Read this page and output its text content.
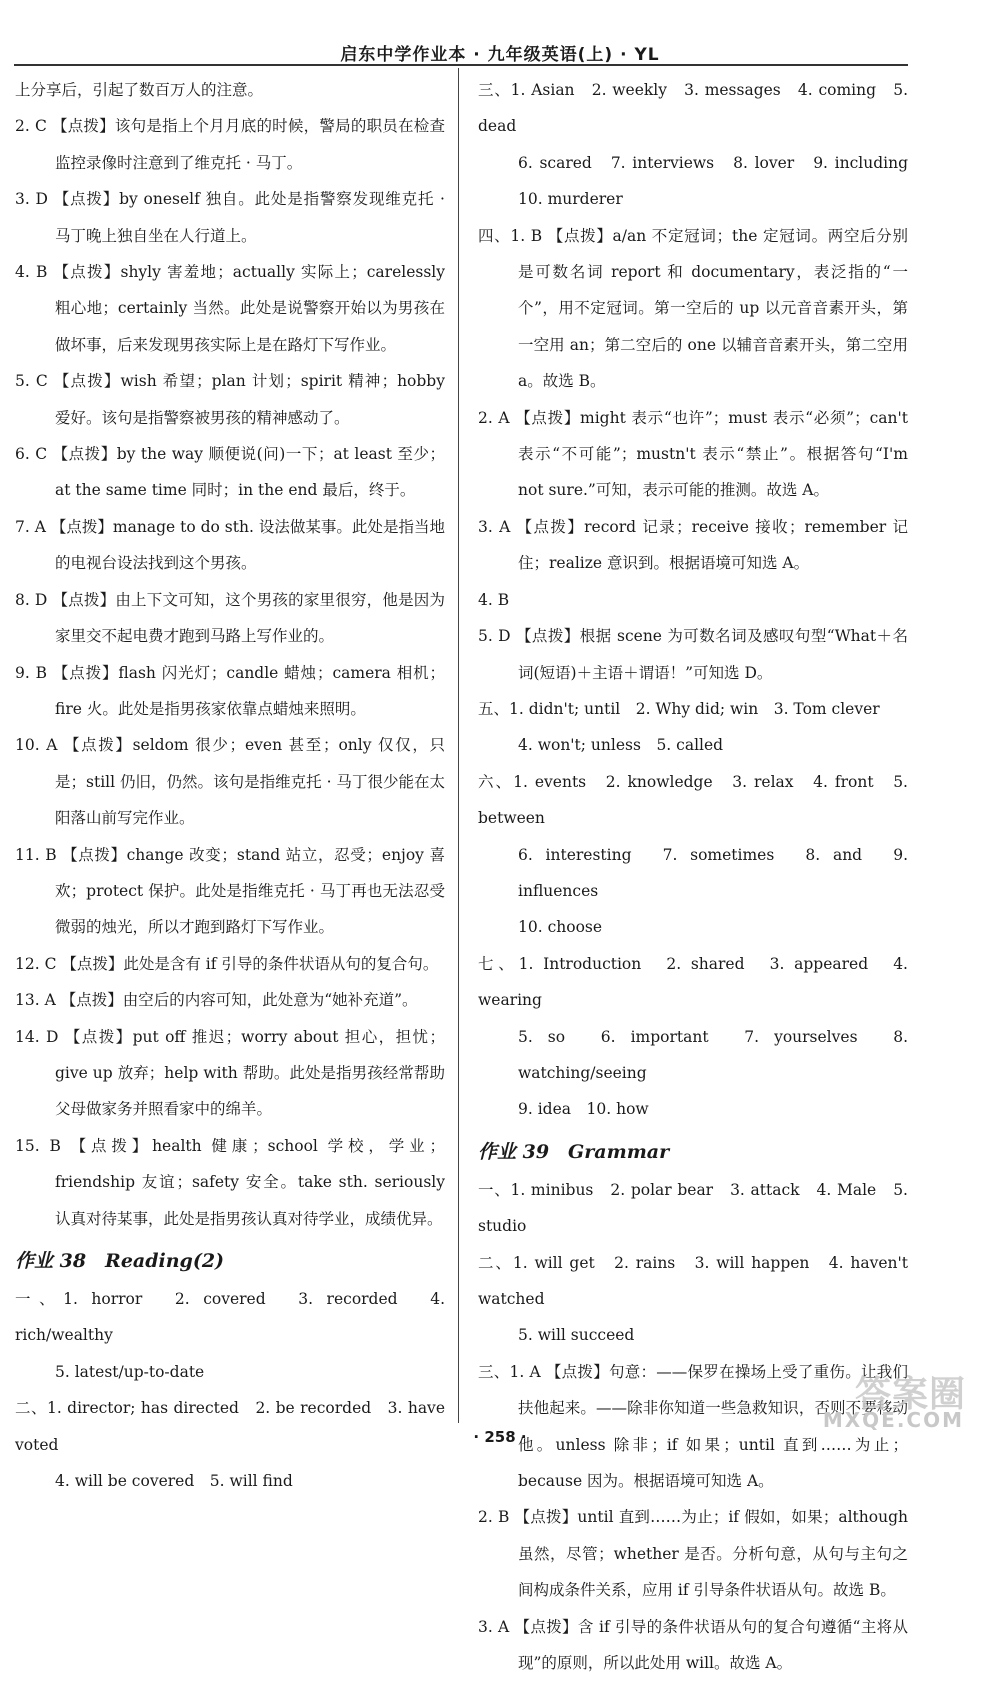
启东中学作业本 · 九年级英语(上) · YL
上分享后，引起了数百万人的注意。
2. C 【点拨】该句是指上个月月底的时候，警局的职员在检查监控录像时注意到了维克托 · 马丁。
3. D 【点拨】by oneself 独自。此处是指警察发现维克托 · 马丁晚上独自坐在人行道上。
4. B 【点拨】shyly 害羞地；actually 实际上；carelessly 粗心地；certainly 当然。此处是说警察开始以为男孩在做坏事，后来发现男孩实际上是在路灯下写作业。
5. C 【点拨】wish 希望；plan 计划；spirit 精神；hobby 爱好。该句是指警察被男孩的精神感动了。
6. C 【点拨】by the way 顺便说(问)一下；at least 至少；at the same time 同时；in the end 最后，终于。
7. A 【点拨】manage to do sth. 设法做某事。此处是指当地的电视台设法找到这个男孩。
8. D 【点拨】由上下文可知，这个男孩的家里很穷，他是因为家里交不起电费才跑到马路上写作业的。
9. B 【点拨】flash 闪光灯；candle 蜡烛；camera 相机；fire 火。此处是指男孩家依靠点蜡烛来照明。
10. A 【点拨】seldom 很少；even 甚至；only 仅仅，只是；still 仍旧，仍然。该句是指维克托 · 马丁很少能在太阳落山前写完作业。
11. B 【点拨】change 改变；stand 站立，忍受；enjoy 喜欢；protect 保护。此处是指维克托 · 马丁再也无法忍受微弱的烛光，所以才跑到路灯下写作业。
12. C 【点拨】此处是含有 if 引导的条件状语从句的复合句。
13. A 【点拨】由空后的内容可知，此处意为“她补充道”。
14. D 【点拨】put off 推迟；worry about 担心，担忧；give up 放弃；help with 帮助。此处是指男孩经常帮助父母做家务并照看家中的绵羊。
15. B 【点拨】health 健康；school 学校，学业；friendship 友谊；safety 安全。take sth. seriously 认真对待某事，此处是指男孩认真对待学业，成绩优异。
作业 38　Reading(2)
一、1. horror　2. covered　3. recorded　4. rich/wealthy
5. latest/up-to-date
二、1. director; has directed　2. be recorded　3. have voted
4. will be covered　5. will find
三、1. Asian　2. weekly　3. messages　4. coming　5. dead
6. scared　7. interviews　8. lover　9. including　10. murderer
四、1. B 【点拨】a/an 不定冠词；the 定冠词。两空后分别是可数名词 report 和 documentary，表泛指的“一个”，用不定冠词。第一空后的 up 以元音音素开头，第一空用 an；第二空后的 one 以辅音音素开头，第二空用 a。故选 B。
2. A 【点拨】might 表示“也许”；must 表示“必须”；can't 表示“不可能”；mustn't 表示“禁止”。根据答句“I'm not sure.”可知，表示可能的推测。故选 A。
3. A 【点拨】record 记录；receive 接收；remember 记住；realize 意识到。根据语境可知选 A。
4. B
5. D 【点拨】根据 scene 为可数名词及感叹句型“What＋名词(短语)＋主语＋谓语！”可知选 D。
五、1. didn't; until　2. Why did; win　3. Tom clever
4. won't; unless　5. called
六、1. events　2. knowledge　3. relax　4. front　5. between
6. interesting　7. sometimes　8. and　9. influences
10. choose
七、1. Introduction　2. shared　3. appeared　4. wearing
5. so　6. important　7. yourselves　8. watching/seeing
9. idea　10. how
作业 39　Grammar
一、1. minibus　2. polar bear　3. attack　4. Male　5. studio
二、1. will get　2. rains　3. will happen　4. haven't watched
5. will succeed
三、1. A 【点拨】句意：——保罗在操场上受了重伤。让我们扶他起来。——除非你知道一些急救知识，否则不要移动他。unless 除非；if 如果；until 直到……为止；because 因为。根据语境可知选 A。
2. B 【点拨】until 直到……为止；if 假如，如果；although 虽然，尽管；whether 是否。分析句意，从句与主句之间构成条件关系，应用 if 引导条件状语从句。故选 B。
3. A 【点拨】含 if 引导的条件状语从句的复合句遵循“主将从现”的原则，所以此处用 will。故选 A。
· 258 ·
答案圈
MXQE.COM
